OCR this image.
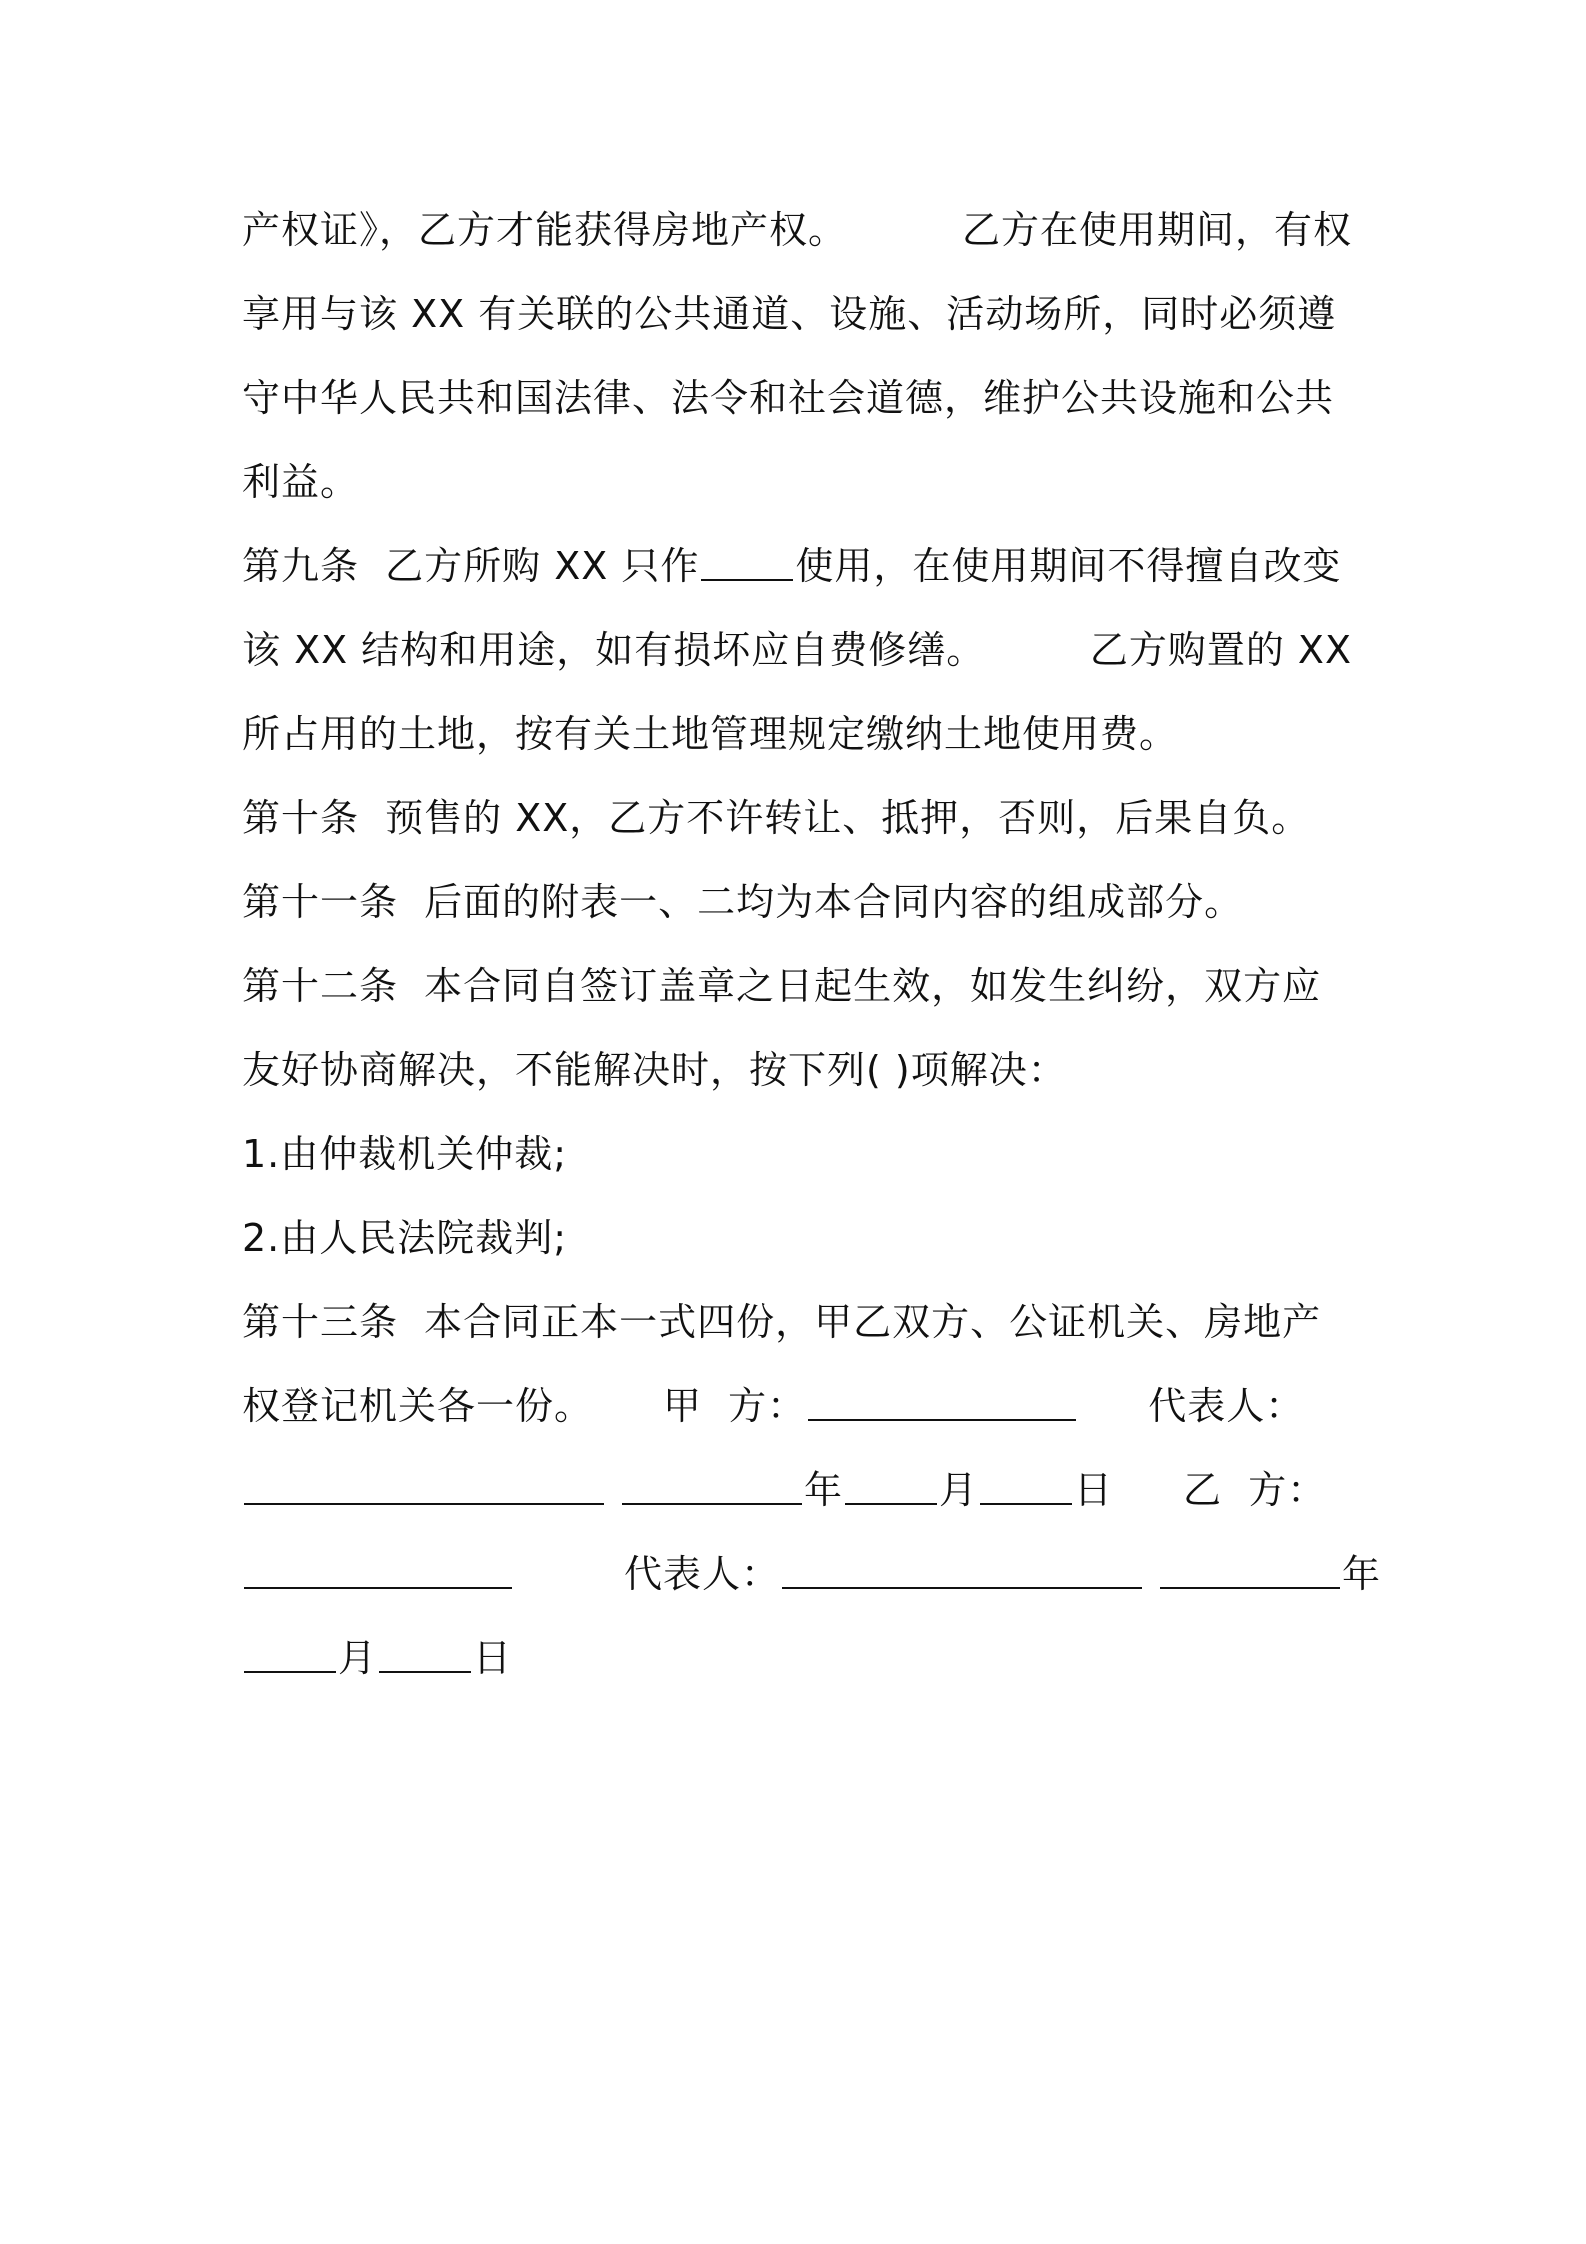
产权证》，乙方才能获得房地产权。	乙方在使用期间，有权
享用与该 XX 有关联的公共通道、设施、活动场所，同时必须遵
守中华人民共和国法律、法令和社会道德，维护公共设施和公共
利益。
第九条  乙方所购 XX 只作	使用，在使用期间不得擅自改变
该 XX 结构和用途，如有损坏应自费修缮。	乙方购置的 XX
所占用的土地，按有关土地管理规定缴纳土地使用费。
第十条  预售的 XX，乙方不许转让、抵押，否则，后果自负。
第十一条  后面的附表一、二均为本合同内容的组成部分。
第十二条  本合同自签订盖章之日起生效，如发生纠纷，双方应
友好协商解决，不能解决时，按下列( )项解决：
1.由仲裁机关仲裁;
2.由人民法院裁判;
第十三条  本合同正本一式四份，甲乙双方、公证机关、房地产
权登记机关各一份。 甲  方：	代表人：
年	月	日 乙  方：
代表人：	年
月	日
